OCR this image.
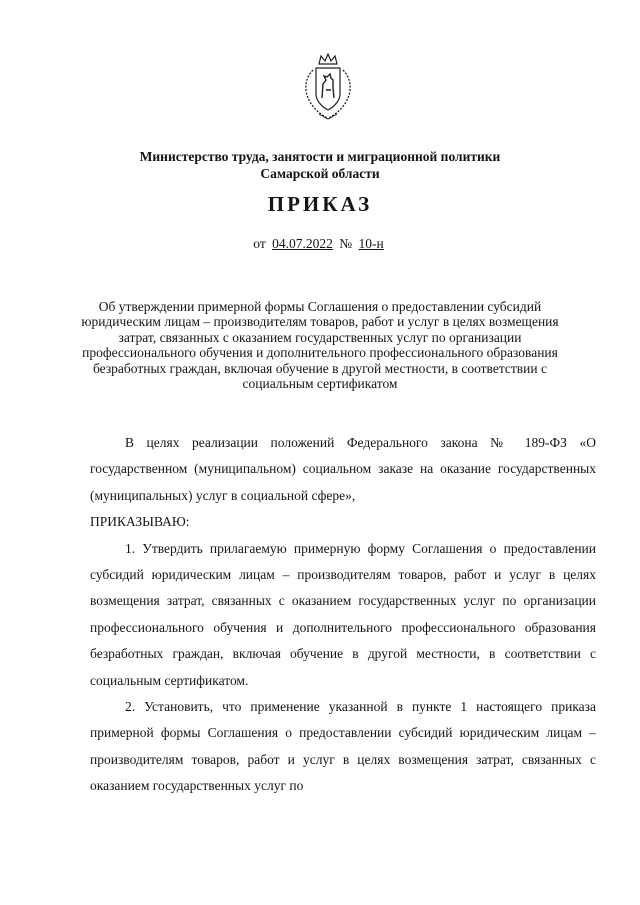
Министерство труда, занятости и миграционной политики
Самарской области
ПРИКАЗ
от 04.07.2022 № 10-н
Об утверждении примерной формы Соглашения о предоставлении субсидий юридическим лицам – производителям товаров, работ и услуг в целях возмещения затрат, связанных с оказанием государственных услуг по организации профессионального обучения и дополнительного профессионального образования безработных граждан, включая обучение в другой местности, в соответствии с социальным сертификатом

В целях реализации положений Федерального закона № 189-ФЗ «О государственном (муниципальном) социальном заказе на оказание государственных (муниципальных) услуг в социальной сфере»,

ПРИКАЗЫВАЮ:

1. Утвердить прилагаемую примерную форму Соглашения о предоставлении субсидий юридическим лицам – производителям товаров, работ и услуг в целях возмещения затрат, связанных с оказанием государственных услуг по организации профессионального обучения и дополнительного профессионального образования безработных граждан, включая обучение в другой местности, в соответствии с социальным сертификатом.

2. Установить, что применение указанной в пункте 1 настоящего приказа примерной формы Соглашения о предоставлении субсидий юридическим лицам – производителям товаров, работ и услуг в целях возмещения затрат, связанных с оказанием государственных услуг по
